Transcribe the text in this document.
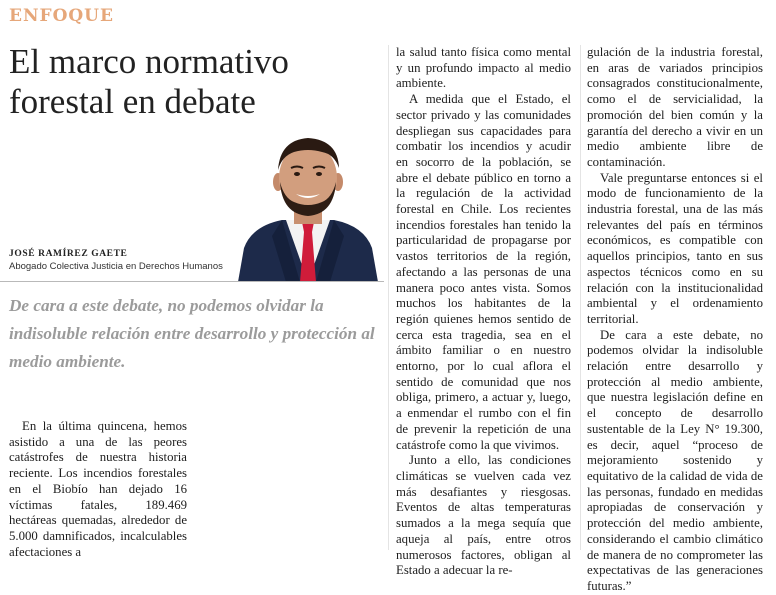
ENFOQUE
El marco normativo forestal en debate
JOSÉ RAMÍREZ GAETE
Abogado Colectiva Justicia en Derechos Humanos
De cara a este debate, no podemos olvidar la indisoluble relación entre desarrollo y protección al medio ambiente.

En la última quincena, hemos asistido a una de las peores catástrofes de nuestra historia reciente. Los incendios forestales en el Biobío han dejado 16 víctimas fatales, 189.469 hectáreas quemadas, alrededor de 5.000 damnificados, incalculables afectaciones a

la salud tanto física como mental y un profundo impacto al medio ambiente.

A medida que el Estado, el sector privado y las comunidades despliegan sus capacidades para combatir los incendios y acudir en socorro de la población, se abre el debate público en torno a la regulación de la actividad forestal en Chile. Los recientes incendios forestales han tenido la particularidad de propagarse por vastos territorios de la región, afectando a las personas de una manera poco antes vista. Somos muchos los habitantes de la región quienes hemos sentido de cerca esta tragedia, sea en el ámbito familiar o en nuestro entorno, por lo cual aflora el sentido de comunidad que nos obliga, primero, a actuar y, luego, a enmendar el rumbo con el fin de prevenir la repetición de una catástrofe como la que vivimos.

Junto a ello, las condiciones climáticas se vuelven cada vez más desafiantes y riesgosas. Eventos de altas temperaturas sumados a la mega sequía que aqueja al país, entre otros numerosos factores, obligan al Estado a adecuar la re-

gulación de la industria forestal, en aras de variados principios consagrados constitucionalmente, como el de servicialidad, la promoción del bien común y la garantía del derecho a vivir en un medio ambiente libre de contaminación.

Vale preguntarse entonces si el modo de funcionamiento de la industria forestal, una de las más relevantes del país en términos económicos, es compatible con aquellos principios, tanto en sus aspectos técnicos como en su relación con la institucionalidad ambiental y el ordenamiento territorial.

De cara a este debate, no podemos olvidar la indisoluble relación entre desarrollo y protección al medio ambiente, que nuestra legislación define en el concepto de desarrollo sustentable de la Ley N° 19.300, es decir, aquel “proceso de mejoramiento sostenido y equitativo de la calidad de vida de las personas, fundado en medidas apropiadas de conservación y protección del medio ambiente, considerando el cambio climático de manera de no comprometer las expectativas de las generaciones futuras.”
